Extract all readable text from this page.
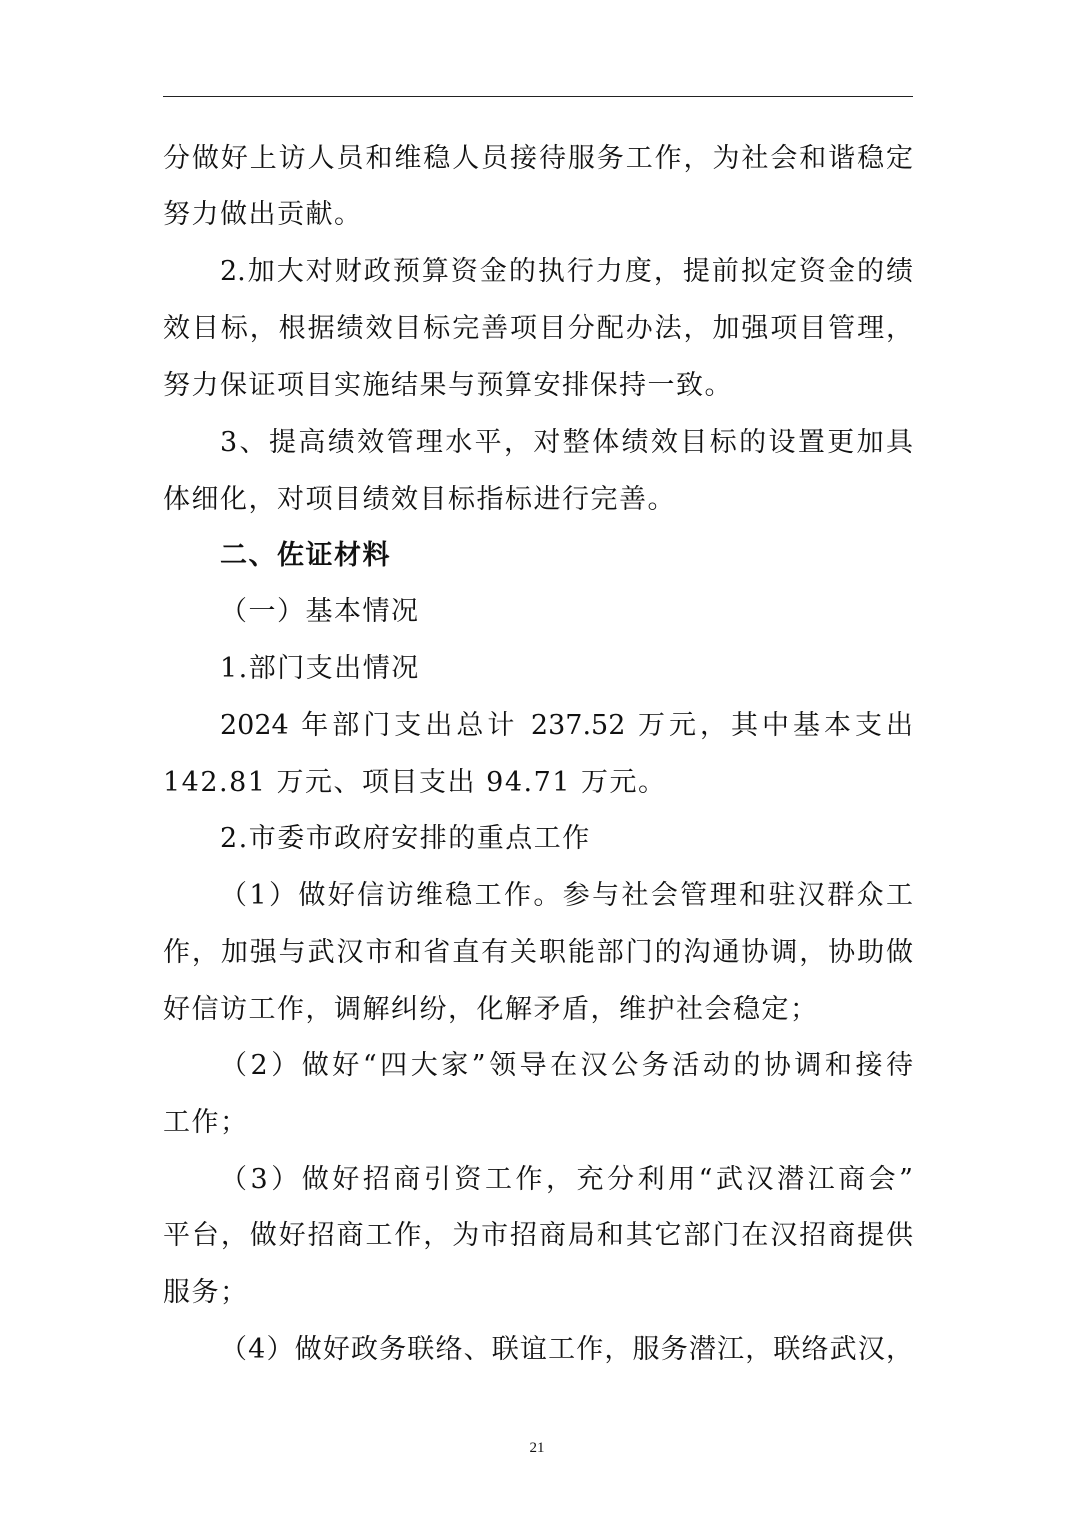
分做好上访人员和维稳人员接待服务工作，为社会和谐稳定
努力做出贡献。
2.加大对财政预算资金的执行力度，提前拟定资金的绩
效目标，根据绩效目标完善项目分配办法，加强项目管理，
努力保证项目实施结果与预算安排保持一致。
3、提高绩效管理水平，对整体绩效目标的设置更加具
体细化，对项目绩效目标指标进行完善。
二、佐证材料
（一）基本情况
1.部门支出情况
2024 年部门支出总计 237.52 万元，其中基本支出
142.81 万元、项目支出 94.71 万元。
2.市委市政府安排的重点工作
（1）做好信访维稳工作。参与社会管理和驻汉群众工
作，加强与武汉市和省直有关职能部门的沟通协调，协助做
好信访工作，调解纠纷，化解矛盾，维护社会稳定；
（2）做好“四大家”领导在汉公务活动的协调和接待
工作；
（3）做好招商引资工作，充分利用“武汉潜江商会”
平台，做好招商工作，为市招商局和其它部门在汉招商提供
服务；
（4）做好政务联络、联谊工作，服务潜江，联络武汉，
21
